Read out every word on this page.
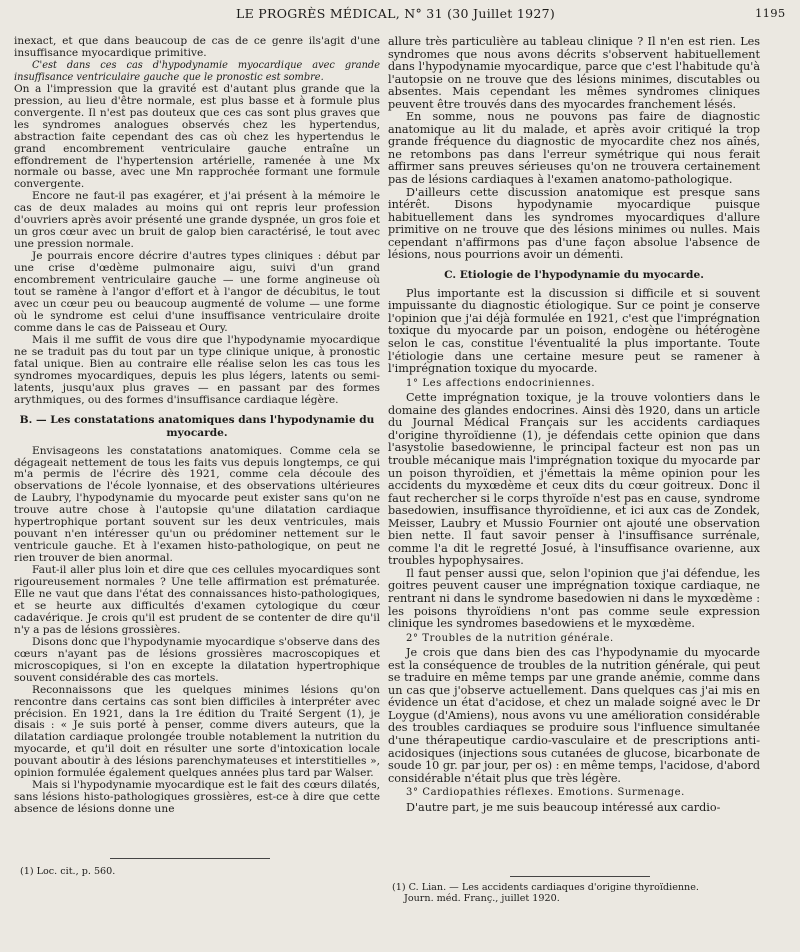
LE PROGRÈS MÉDICAL, N° 31 (30 Juillet 1927)	1195

inexact, et que dans beaucoup de cas de ce genre ils'agit d'une insuffisance myocardique primitive.

C'est dans ces cas d'hypodynamie myocardique avec grande insuffisance ventriculaire gauche que le pronostic est sombre.

On a l'impression que la gravité est d'autant plus grande que la pression, au lieu d'être normale, est plus basse et à formule plus convergente. Il n'est pas douteux que ces cas sont plus graves que les syndromes analogues observés chez les hypertendus, abstraction faite cependant des cas où chez les hypertendus le grand encombrement ventriculaire gauche entraîne un effondrement de l'hypertension artérielle, ramenée à une Mx normale ou basse, avec une Mn rapprochée formant une formule convergente.

Encore ne faut-il pas exagérer, et j'ai présent à la mémoire le cas de deux malades au moins qui ont repris leur profession d'ouvriers après avoir présenté une grande dyspnée, un gros foie et un gros cœur avec un bruit de galop bien caractérisé, le tout avec une pression normale.

Je pourrais encore décrire d'autres types cliniques : début par une crise d'œdème pulmonaire aigu, suivi d'un grand encombrement ventriculaire gauche — une forme angineuse où tout se ramène à l'angor d'effort et à l'angor de décubitus, le tout avec un cœur peu ou beaucoup augmenté de volume — une forme où le syndrome est celui d'une insuffisance ventriculaire droite comme dans le cas de Paisseau et Oury.

Mais il me suffit de vous dire que l'hypodynamie myocardique ne se traduit pas du tout par un type clinique unique, à pronostic fatal unique. Bien au contraire elle réalise selon les cas tous les syndromes myocardiques, depuis les plus légers, latents ou semi-latents, jusqu'aux plus graves — en passant par des formes arythmiques, ou des formes d'insuffisance cardiaque légère.

B. — Les constatations anatomiques dans l'hypodynamie du myocarde.

Envisageons les constatations anatomiques. Comme cela se dégageait nettement de tous les faits vus depuis longtemps, ce qui m'a permis de l'écrire dès 1921, comme cela découle des observations de l'école lyonnaise, et des observations ultérieures de Laubry, l'hypodynamie du myocarde peut exister sans qu'on ne trouve autre chose à l'autopsie qu'une dilatation cardiaque hypertrophique portant souvent sur les deux ventricules, mais pouvant n'en intéresser qu'un ou prédominer nettement sur le ventricule gauche. Et à l'examen histo-pathologique, on peut ne rien trouver de bien anormal.

Faut-il aller plus loin et dire que ces cellules myocardiques sont rigoureusement normales ? Une telle affirmation est prématurée. Elle ne vaut que dans l'état des connaissances histo-pathologiques, et se heurte aux difficultés d'examen cytologique du cœur cadavérique. Je crois qu'il est prudent de se contenter de dire qu'il n'y a pas de lésions grossières.

Disons donc que l'hypodynamie myocardique s'observe dans des cœurs n'ayant pas de lésions grossières macroscopiques et microscopiques, si l'on en excepte la dilatation hypertrophique souvent considérable des cas mortels.

Reconnaissons que les quelques minimes lésions qu'on rencontre dans certains cas sont bien difficiles à interpréter avec précision. En 1921, dans la 1re édition du Traité Sergent (1), je disais : « Je suis porté à penser, comme divers auteurs, que la dilatation cardiaque prolongée trouble notablement la nutrition du myocarde, et qu'il doit en résulter une sorte d'intoxication locale pouvant aboutir à des lésions parenchymateuses et interstitielles », opinion formulée également quelques années plus tard par Walser.

Mais si l'hypodynamie myocardique est le fait des cœurs dilatés, sans lésions histo-pathologiques grossières, est-ce à dire que cette absence de lésions donne une

allure très particulière au tableau clinique ? Il n'en est rien. Les syndromes que nous avons décrits s'observent habituellement dans l'hypodynamie myocardique, parce que c'est l'habitude qu'à l'autopsie on ne trouve que des lésions minimes, discutables ou absentes. Mais cependant les mêmes syndromes cliniques peuvent être trouvés dans des myocardes franchement lésés.

En somme, nous ne pouvons pas faire de diagnostic anatomique au lit du malade, et après avoir critiqué la trop grande fréquence du diagnostic de myocardite chez nos aînés, ne retombons pas dans l'erreur symétrique qui nous ferait affirmer sans preuves sérieuses qu'on ne trouvera certainement pas de lésions cardiaques à l'examen anatomo-pathologique.

D'ailleurs cette discussion anatomique est presque sans intérêt. Disons hypodynamie myocardique puisque habituellement dans les syndromes myocardiques d'allure primitive on ne trouve que des lésions minimes ou nulles. Mais cependant n'affirmons pas d'une façon absolue l'absence de lésions, nous pourrions avoir un démenti.

C. Etiologie de l'hypodynamie du myocarde.

Plus importante est la discussion si difficile et si souvent impuissante du diagnostic étiologique. Sur ce point je conserve l'opinion que j'ai déjà formulée en 1921, c'est que l'imprégnation toxique du myocarde par un poison, endogène ou hétérogène selon le cas, constitue l'éventualité la plus importante. Toute l'étiologie dans une certaine mesure peut se ramener à l'imprégnation toxique du myocarde.

1° Les affections endocriniennes.

Cette imprégnation toxique, je la trouve volontiers dans le domaine des glandes endocrines. Ainsi dès 1920, dans un article du Journal Médical Français sur les accidents cardiaques d'origine thyroïdienne (1), je défendais cette opinion que dans l'asystolie basedowienne, le principal facteur est non pas un trouble mécanique mais l'imprégnation toxique du myocarde par un poison thyroïdien, et j'émettais la même opinion pour les accidents du myxœdème et ceux dits du cœur goitreux. Donc il faut rechercher si le corps thyroïde n'est pas en cause, syndrome basedowien, insuffisance thyroïdienne, et ici aux cas de Zondek, Meisser, Laubry et Mussio Fournier ont ajouté une observation bien nette. Il faut savoir penser à l'insuffisance surrénale, comme l'a dit le regretté Josué, à l'insuffisance ovarienne, aux troubles hypophysaires.

Il faut penser aussi que, selon l'opinion que j'ai défendue, les goitres peuvent causer une imprégnation toxique cardiaque, ne rentrant ni dans le syndrome basedowien ni dans le myxœdème : les poisons thyroïdiens n'ont pas comme seule expression clinique les syndromes basedowiens et le myxœdème.

2° Troubles de la nutrition générale.

Je crois que dans bien des cas l'hypodynamie du myocarde est la conséquence de troubles de la nutrition générale, qui peut se traduire en même temps par une grande anémie, comme dans un cas que j'observe actuellement. Dans quelques cas j'ai mis en évidence un état d'acidose, et chez un malade soigné avec le Dr Loygue (d'Amiens), nous avons vu une amélioration considérable des troubles cardiaques se produire sous l'influence simultanée d'une thérapeutique cardio-vasculaire et de prescriptions anti-acidosiques (injections sous cutanées de glucose, bicarbonate de soude 10 gr. par jour, per os) : en même temps, l'acidose, d'abord considérable n'était plus que très légère.

3° Cardiopathies réflexes. Emotions. Surmenage.

D'autre part, je me suis beaucoup intéressé aux cardio-

(1) Loc. cit., p. 560.
(1) C. Lian. — Les accidents cardiaques d'origine thyroïdienne.
Journ. méd. Franç., juillet 1920.
